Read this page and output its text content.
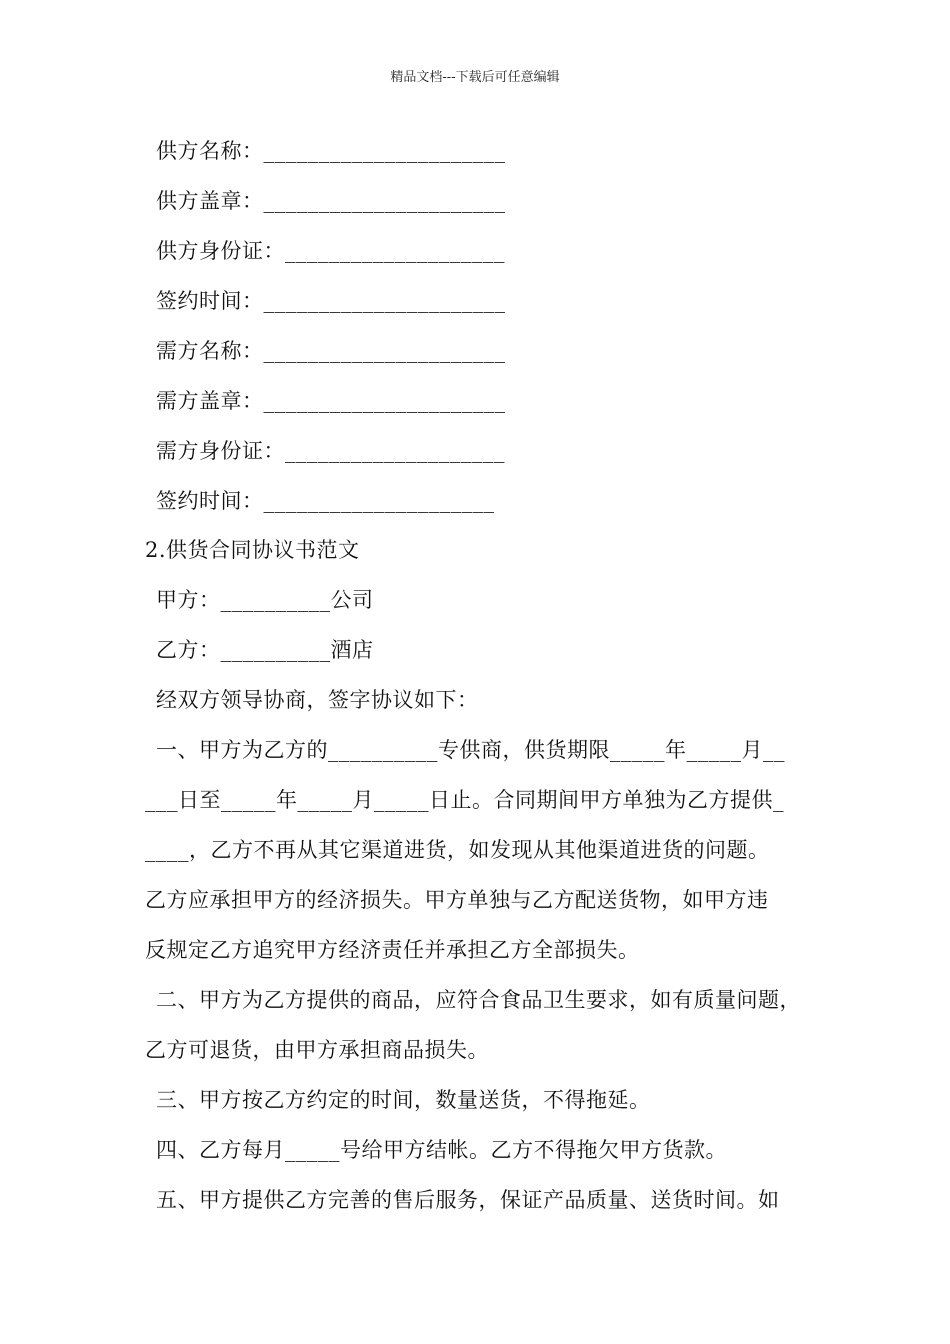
精品文档---下载后可任意编辑
供方名称：______________________
供方盖章：______________________
供方身份证：____________________
签约时间：______________________
需方名称：______________________
需方盖章：______________________
需方身份证：____________________
签约时间：_____________________
2.供货合同协议书范文
甲方：__________公司
乙方：__________酒店
经双方领导协商，签字协议如下：
一、甲方为乙方的__________专供商，供货期限_____年_____月__
___日至_____年_____月_____日止。合同期间甲方单独为乙方提供_
____，乙方不再从其它渠道进货，如发现从其他渠道进货的问题。
乙方应承担甲方的经济损失。甲方单独与乙方配送货物，如甲方违
反规定乙方追究甲方经济责任并承担乙方全部损失。
二、甲方为乙方提供的商品，应符合食品卫生要求，如有质量问题，
乙方可退货，由甲方承担商品损失。
三、甲方按乙方约定的时间，数量送货，不得拖延。
四、乙方每月_____号给甲方结帐。乙方不得拖欠甲方货款。
五、甲方提供乙方完善的售后服务，保证产品质量、送货时间。如
